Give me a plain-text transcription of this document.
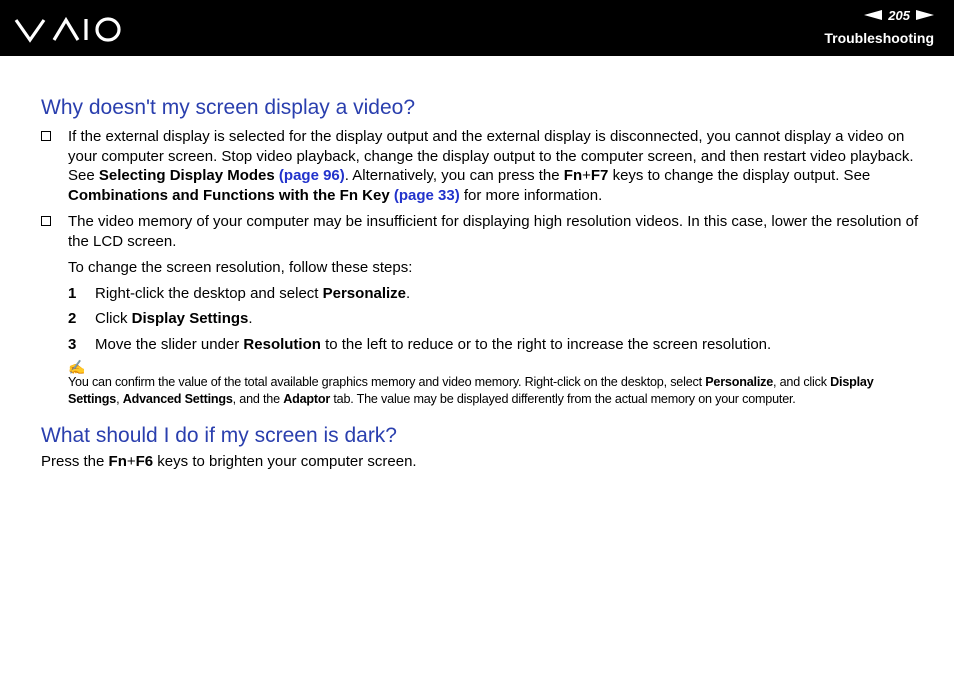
205
Troubleshooting
Why doesn't my screen display a video?
If the external display is selected for the display output and the external display is disconnected, you cannot display a video on your computer screen. Stop video playback, change the display output to the computer screen, and then restart video playback. See Selecting Display Modes (page 96). Alternatively, you can press the Fn+F7 keys to change the display output. See Combinations and Functions with the Fn Key (page 33) for more information.
The video memory of your computer may be insufficient for displaying high resolution videos. In this case, lower the resolution of the LCD screen.
To change the screen resolution, follow these steps:
1	Right-click the desktop and select Personalize.
2	Click Display Settings.
3	Move the slider under Resolution to the left to reduce or to the right to increase the screen resolution.
✍
You can confirm the value of the total available graphics memory and video memory. Right-click on the desktop, select Personalize, and click Display Settings, Advanced Settings, and the Adaptor tab. The value may be displayed differently from the actual memory on your computer.
What should I do if my screen is dark?
Press the Fn+F6 keys to brighten your computer screen.
